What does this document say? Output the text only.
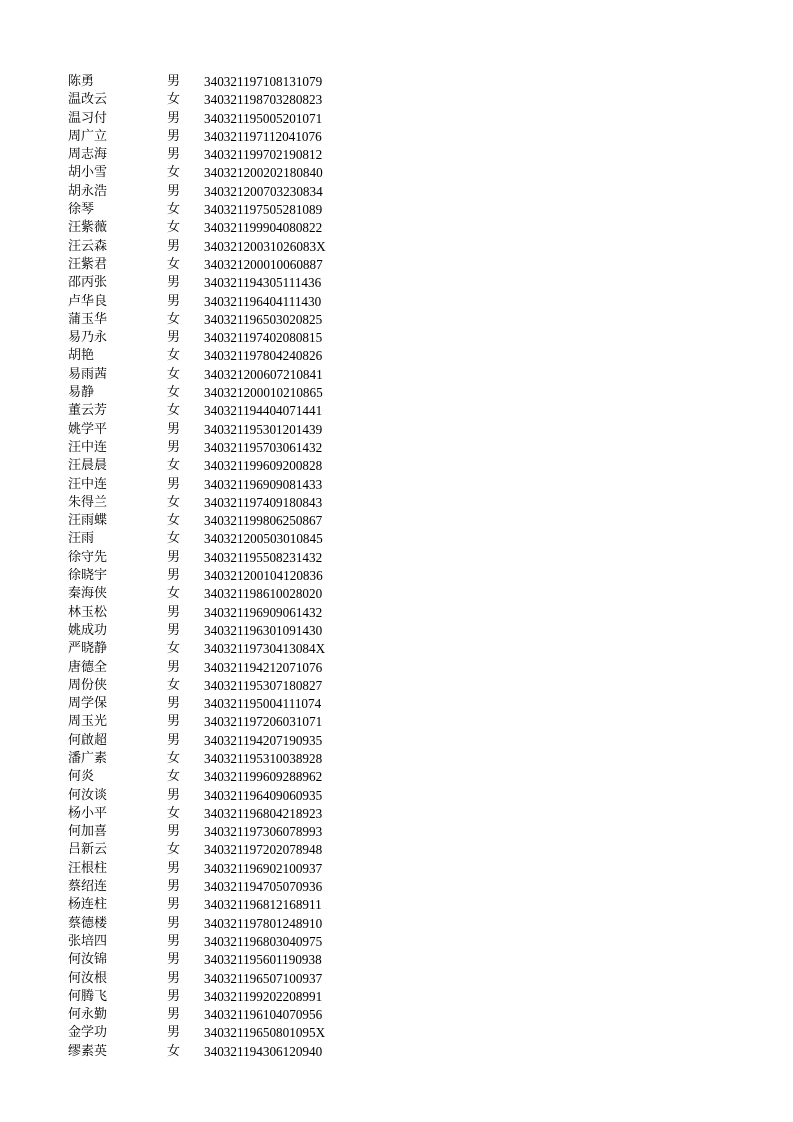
陈勇	男 340321197108131079
温改云	女 340321198703280823
温习付	男 340321195005201071
周广立	男 340321197112041076
周志海	男 340321199702190812
胡小雪	女 340321200202180840
胡永浩	男 340321200703230834
徐琴	女 340321197505281089
汪紫薇	女 340321199904080822
汪云森	男 34032120031026083X
汪紫君	女 340321200010060887
邵丙张	男 340321194305111436
卢华良	男 340321196404111430
蒲玉华	女 340321196503020825
易乃永	男 340321197402080815
胡艳	女 340321197804240826
易雨茜	女 340321200607210841
易静	女 340321200010210865
董云芳	女 340321194404071441
姚学平	男 340321195301201439
汪中连	男 340321195703061432
汪晨晨	女 340321199609200828
汪中连	男 340321196909081433
朱得兰	女 340321197409180843
汪雨蝶	女 340321199806250867
汪雨	女 340321200503010845
徐守先	男 340321195508231432
徐晓宇	男 340321200104120836
秦海侠	女 340321198610028020
林玉松	男 340321196909061432
姚成功	男 340321196301091430
严晓静	女 34032119730413084X
唐德全	男 340321194212071076
周份侠	女 340321195307180827
周学保	男 340321195004111074
周玉光	男 340321197206031071
何啟超	男 340321194207190935
潘广素	女 340321195310038928
何炎	女 340321199609288962
何汝谈	男 340321196409060935
杨小平	女 340321196804218923
何加喜	男 340321197306078993
吕新云	女 340321197202078948
汪根柱	男 340321196902100937
蔡绍连	男 340321194705070936
杨连柱	男 340321196812168911
蔡德楼	男 340321197801248910
张培四	男 340321196803040975
何汝锦	男 340321195601190938
何汝根	男 340321196507100937
何腾飞	男 340321199202208991
何永勤	男 340321196104070956
金学功	男 34032119650801095X
缪素英	女 340321194306120940
